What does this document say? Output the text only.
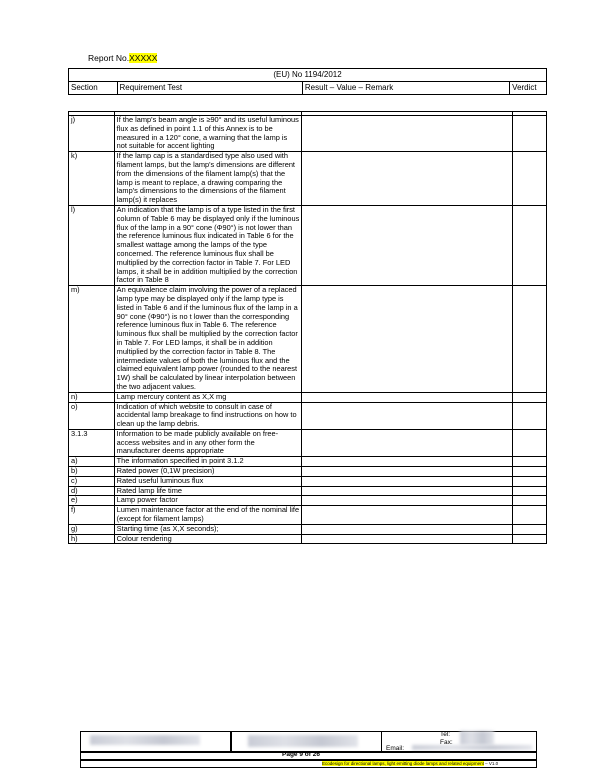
Report No.XXXXX
(EU) No 1194/2012
Section	Requirement Test	Result – Value – Remark	Verdict

j)	If the lamp's beam angle is ≥90° and its useful luminous flux as defined in point 1.1 of this Annex is to be measured in a 120° cone, a warning that the lamp is not suitable for accent lighting		
k)	If the lamp cap is a standardised type also used with filament lamps, but the lamp's dimensions are different from the dimensions of the filament lamp(s) that the lamp is meant to replace, a drawing comparing the lamp's dimensions to the dimensions of the filament lamp(s) it replaces		
l)	An indication that the lamp is of a type listed in the first column of Table 6 may be displayed only if the luminous flux of the lamp in a 90° cone (Φ90°) is not lower than the reference luminous flux indicated in Table 6 for the smallest wattage among the lamps of the type concerned. The reference luminous flux shall be multiplied by the correction factor in Table 7. For LED lamps, it shall be in addition multiplied by the correction factor in Table 8		
m)	An equivalence claim involving the power of a replaced lamp type may be displayed only if the lamp type is listed in Table 6 and if the luminous flux of the lamp in a 90° cone (Φ90°) is no t lower than the corresponding reference luminous flux in Table 6. The reference luminous flux shall be multiplied by the correction factor in Table 7. For LED lamps, it shall be in addition multiplied by the correction factor in Table 8. The intermediate values of both the luminous flux and the claimed equivalent lamp power (rounded to the nearest 1W) shall be calculated by linear interpolation between the two adjacent values.		
n)	Lamp mercury content as X,X mg		
o)	Indication of which website to consult in case of accidental lamp breakage to find instructions on how to clean up the lamp debris.		
3.1.3	Information to be made publicly available on free-access websites and in any other form the manufacturer deems appropriate		
a)	The information specified in point 3.1.2		
b)	Rated power (0,1W precision)		
c)	Rated useful luminous flux		
d)	Rated lamp life time		
e)	Lamp power factor		
f)	Lumen maintenance factor at the end of the nominal life (except for filament lamps)		
g)	Starting time (as X,X seconds);		
h)	Colour rendering		
Tel:
Fax:
Email:
Page 9 of 26
Ecodesign for directional lamps, light emitting diode lamps and related equipment – V1.0
